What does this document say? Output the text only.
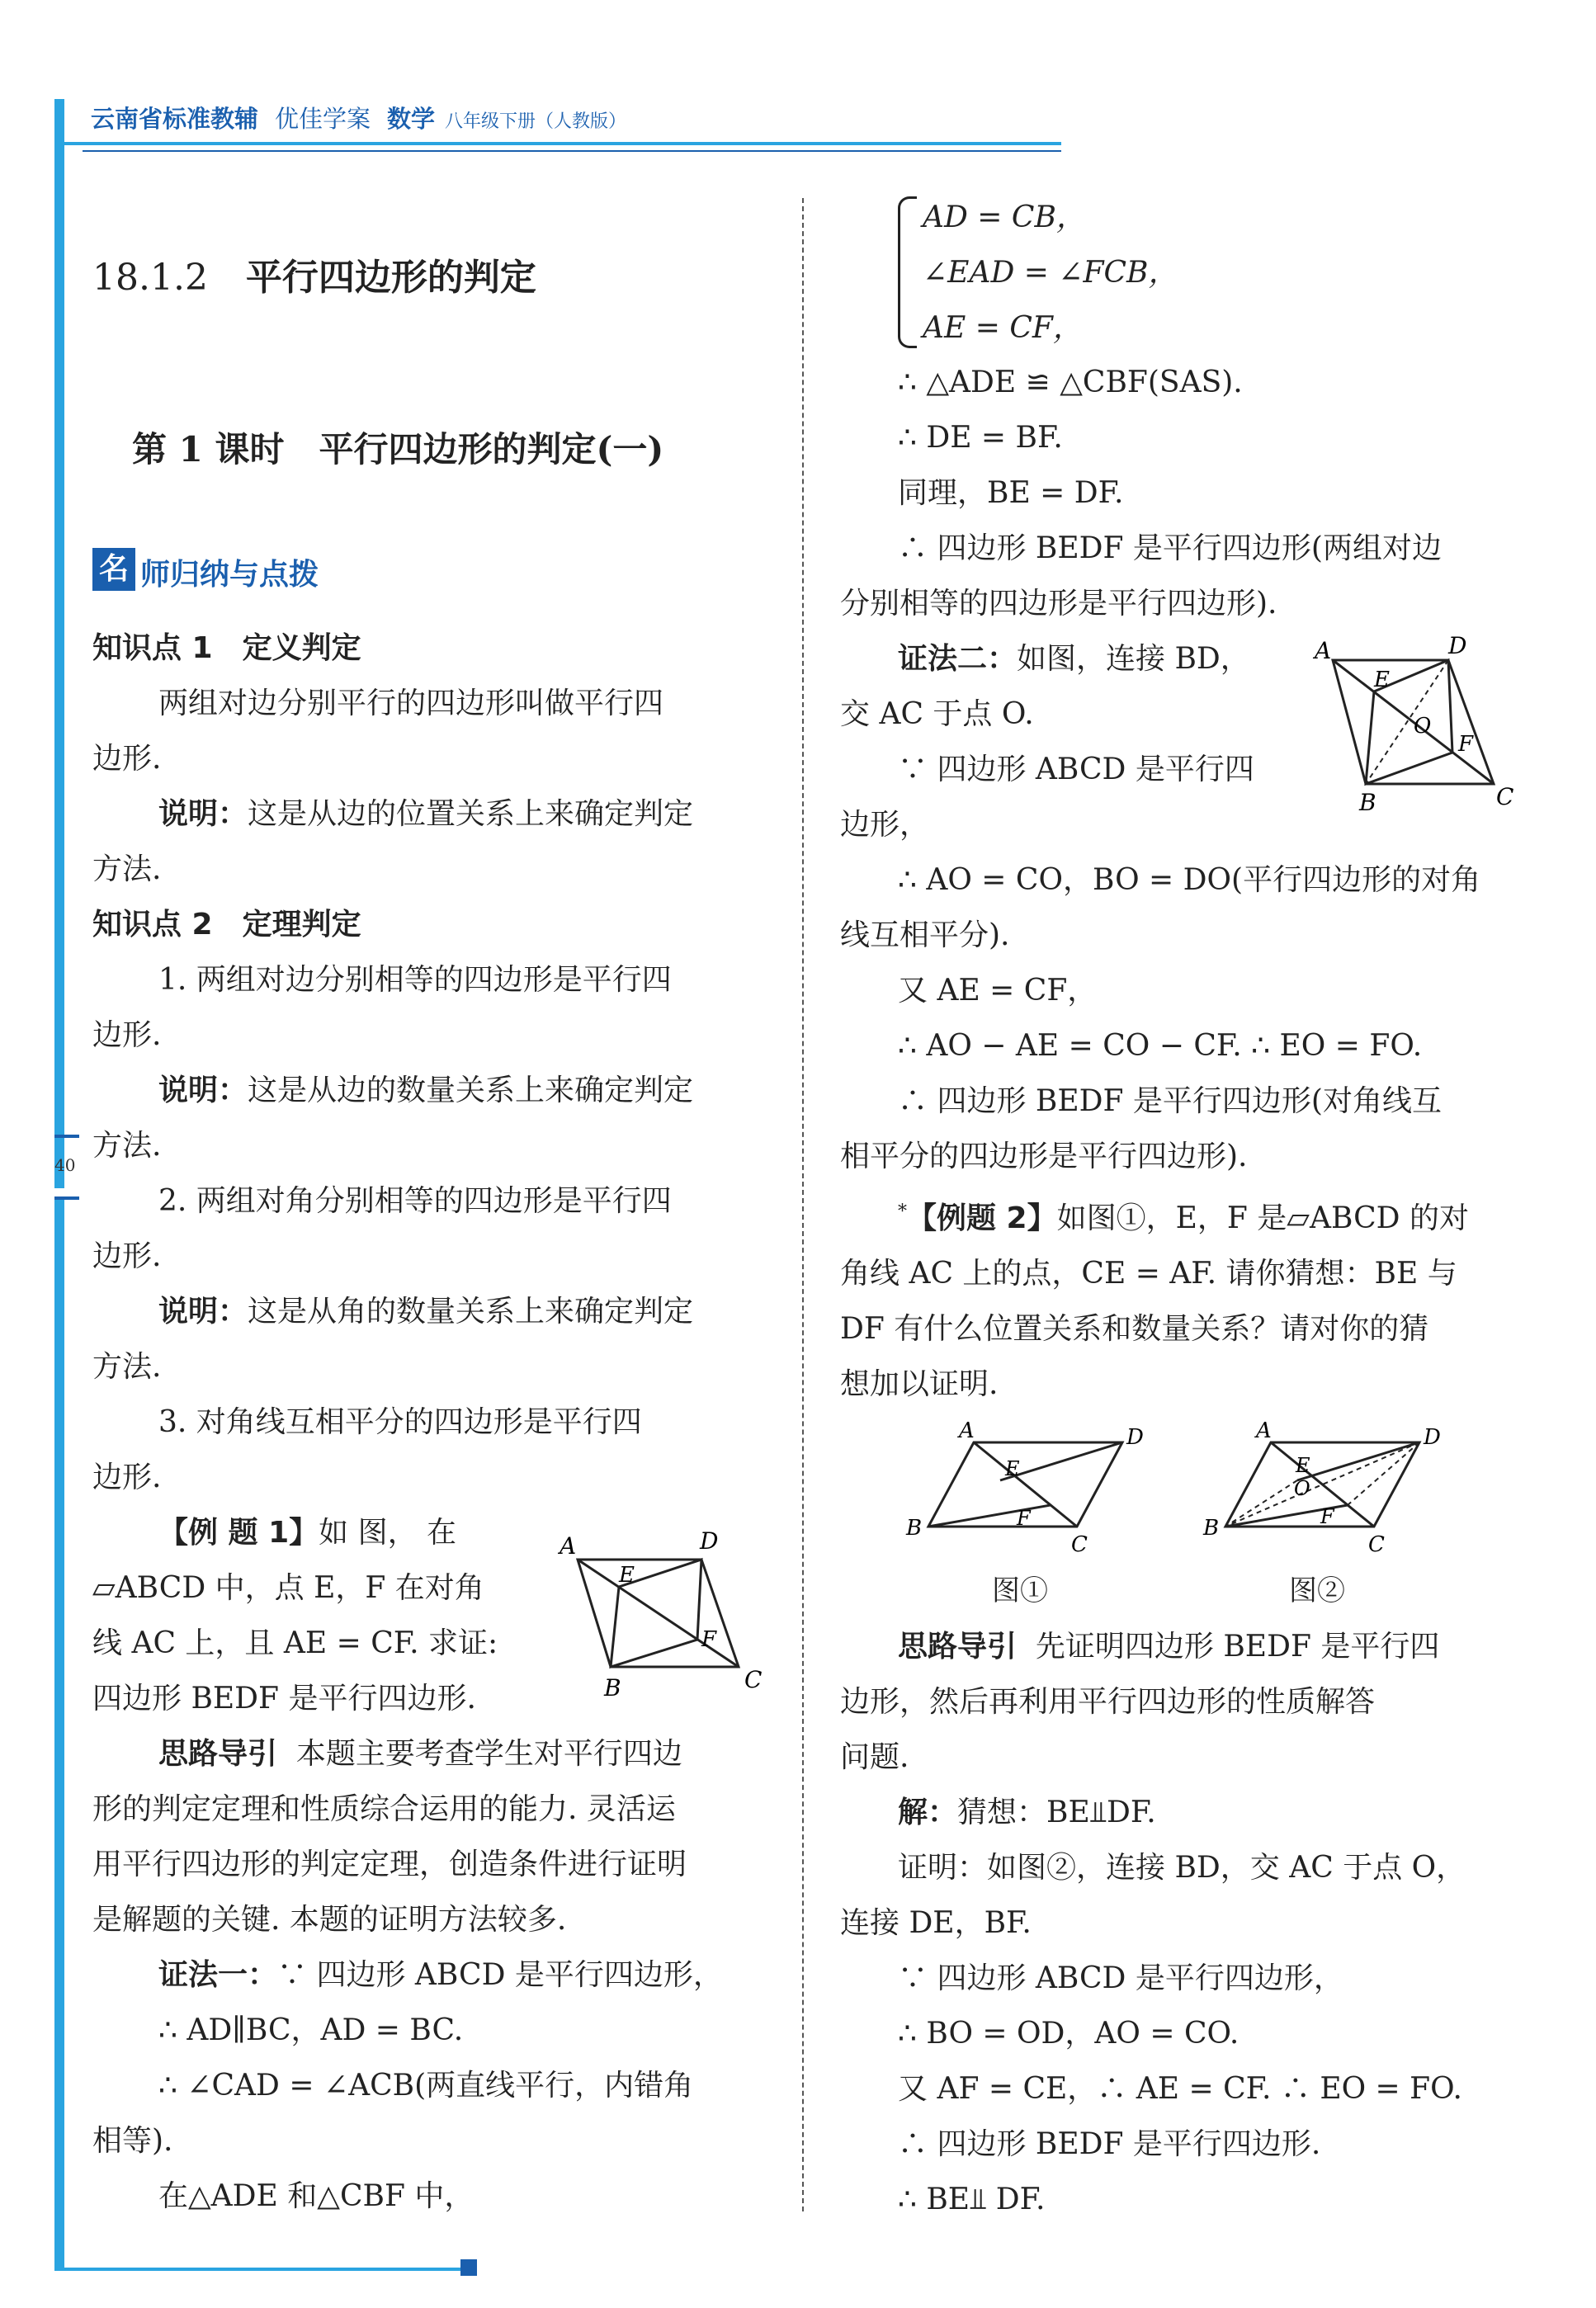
云南省标准教辅 优佳学案 数学 八年级下册（人教版）
40
18.1.2 平行四边形的判定
第 1 课时　平行四边形的判定(一)
名 师归纳与点拨

知识点 1　定义判定

两组对边分别平行的四边形叫做平行四

边形.

说明：这是从边的位置关系上来确定判定

方法.

知识点 2　定理判定

1. 两组对边分别相等的四边形是平行四

边形.

说明：这是从边的数量关系上来确定判定

方法.

2. 两组对角分别相等的四边形是平行四

边形.

说明：这是从角的数量关系上来确定判定

方法.

3. 对角线互相平分的四边形是平行四

边形.

【例 题 1】如 图， 在

▱ABCD 中，点 E，F 在对角

线 AC 上，且 AE = CF. 求证:

四边形 BEDF 是平行四边形.

思路导引 本题主要考查学生对平行四边

形的判定定理和性质综合运用的能力. 灵活运

用平行四边形的判定定理，创造条件进行证明

是解题的关键. 本题的证明方法较多.

证法一：∵ 四边形 ABCD 是平行四边形，

∴ AD∥BC，AD = BC.

∴ ∠CAD = ∠ACB(两直线平行，内错角

相等).

在△ADE 和△CBF 中，

A	D
C
B
E
F

AD = CB，

∠EAD = ∠FCB，

AE = CF，

∴ △ADE ≌ △CBF(SAS).

∴ DE = BF.

同理，BE = DF.

∴ 四边形 BEDF 是平行四边形(两组对边

分别相等的四边形是平行四边形).

证法二：如图，连接 BD，

交 AC 于点 O.

∵ 四边形 ABCD 是平行四

边形，

∴ AO = CO，BO = DO(平行四边形的对角

线互相平分).

又 AE = CF，

∴ AO − AE = CO − CF. ∴ EO = FO.

∴ 四边形 BEDF 是平行四边形(对角线互

相平分的四边形是平行四边形).

*【例题 2】如图①，E，F 是▱ABCD 的对

角线 AC 上的点，CE = AF. 请你猜想：BE 与

DF 有什么位置关系和数量关系？请对你的猜

想加以证明.

A	D
C
B
E
O
F
A	D
B
C
E
F
A	D
B
C
E
O
F
图①	图②

思路导引 先证明四边形 BEDF 是平行四

边形，然后再利用平行四边形的性质解答

问题.

解：猜想：BE⫫DF.

证明：如图②，连接 BD，交 AC 于点 O，

连接 DE，BF.

∵ 四边形 ABCD 是平行四边形，

∴ BO = OD，AO = CO.

又 AF = CE，∴ AE = CF. ∴ EO = FO.

∴ 四边形 BEDF 是平行四边形.

∴ BE⫫ DF.
